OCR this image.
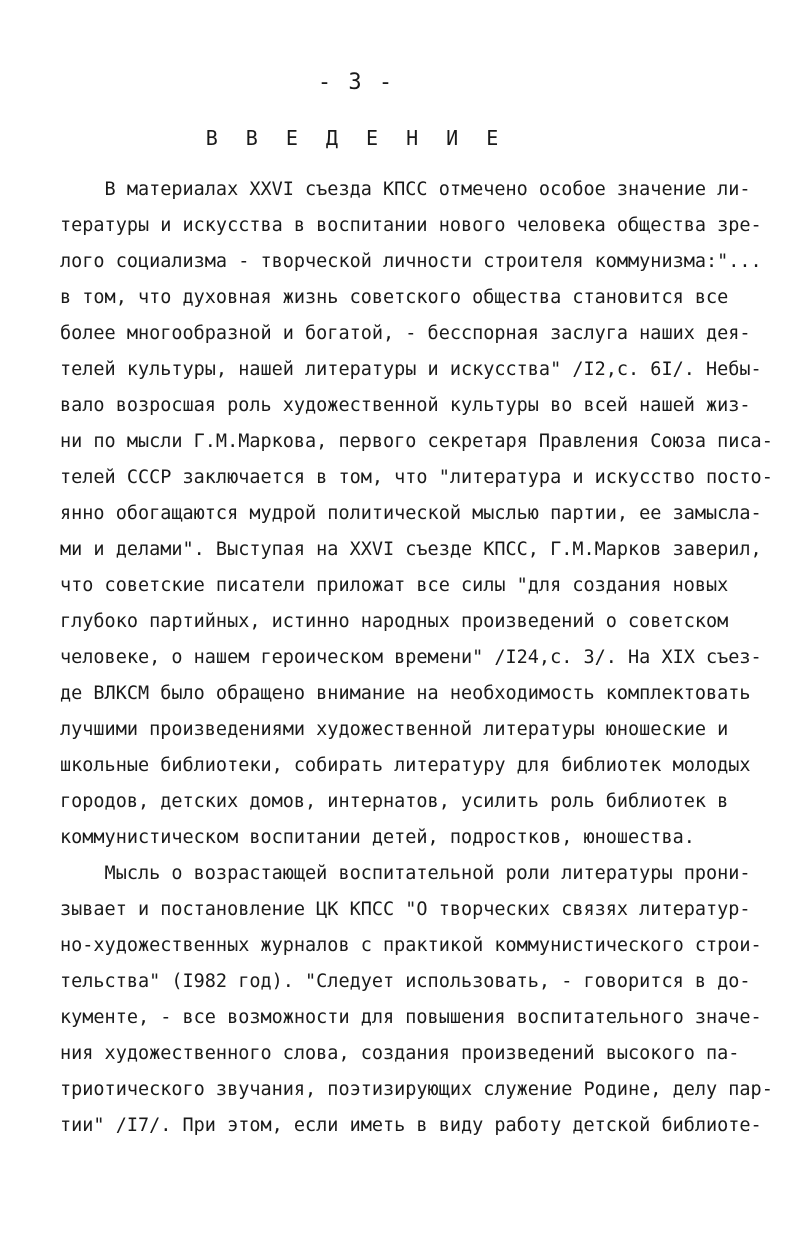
- 3 -
В В Е Д Е Н И Е
В материалах XXVI съезда КПСС отмечено особое значение ли-
тературы и искусства в воспитании нового человека общества зре-
лого социализма - творческой личности строителя коммунизма:"...
в том, что духовная жизнь советского общества становится все
более многообразной и богатой, - бесспорная заслуга наших дея-
телей культуры, нашей литературы и искусства" /I2,с. 6I/. Небы-
вало возросшая роль художественной культуры во всей нашей жиз-
ни по мысли Г.М.Маркова, первого секретаря Правления Союза писа-
телей СССР заключается в том, что "литература и искусство посто-
янно обогащаются мудрой политической мыслью партии, ее замысла-
ми и делами". Выступая на XXVI съезде КПСС, Г.М.Марков заверил,
что советские писатели приложат все силы "для создания новых
глубоко партийных, истинно народных произведений о советском
человеке, о нашем героическом времени" /I24,с. 3/. На XIX съез-
де ВЛКСМ было обращено внимание на необходимость комплектовать
лучшими произведениями художественной литературы юношеские и
школьные библиотеки, собирать литературу для библиотек молодых
городов, детских домов, интернатов, усилить роль библиотек в
коммунистическом воспитании детей, подростков, юношества.
Мысль о возрастающей воспитательной роли литературы прони-
зывает и постановление ЦК КПСС "О творческих связях литератур-
но-художественных журналов с практикой коммунистического строи-
тельства" (I982 год). "Следует использовать, - говорится в до-
кументе, - все возможности для повышения воспитательного значе-
ния художественного слова, создания произведений высокого па-
триотического звучания, поэтизирующих служение Родине, делу пар-
тии" /I7/. При этом, если иметь в виду работу детской библиоте-
